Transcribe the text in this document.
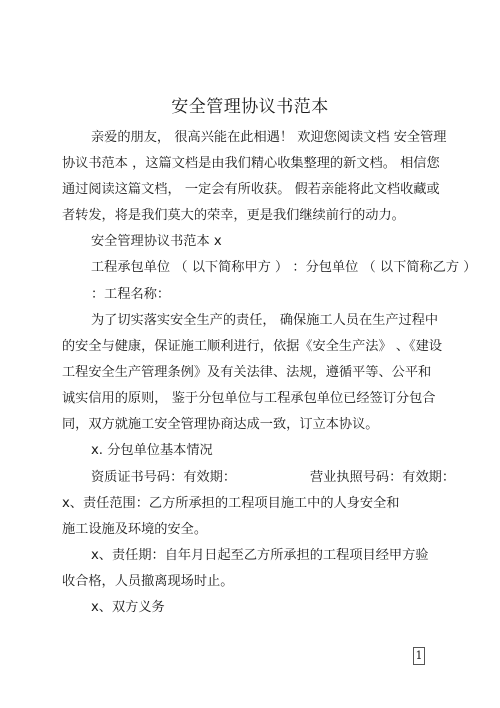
安全管理协议书范本
亲爱的朋友， 很高兴能在此相遇！ 欢迎您阅读文档 安全管理
协议书范本 ，这篇文档是由我们精心收集整理的新文档。 相信您
通过阅读这篇文档， 一定会有所收获。 假若亲能将此文档收藏或
者转发，将是我们莫大的荣幸，更是我们继续前行的动力。
安全管理协议书范本 x
工程承包单位 （ 以下简称甲方 ） ：分包单位 （ 以下简称乙方 ）
：工程名称：
为了切实落实安全生产的责任， 确保施工人员在生产过程中
的安全与健康，保证施工顺利进行，依据《安全生产法》 、《建设
工程安全生产管理条例》及有关法律、法规，遵循平等、公平和
诚实信用的原则， 鉴于分包单位与工程承包单位已经签订分包合
同，双方就施工安全管理协商达成一致，订立本协议。
x. 分包单位基本情况
资质证书号码：有效期：	营业执照号码：有效期：
x、责任范围：乙方所承担的工程项目施工中的人身安全和
施工设施及环境的安全。
x、责任期：自年月日起至乙方所承担的工程项目经甲方验
收合格，人员撤离现场时止。
x、双方义务
1
